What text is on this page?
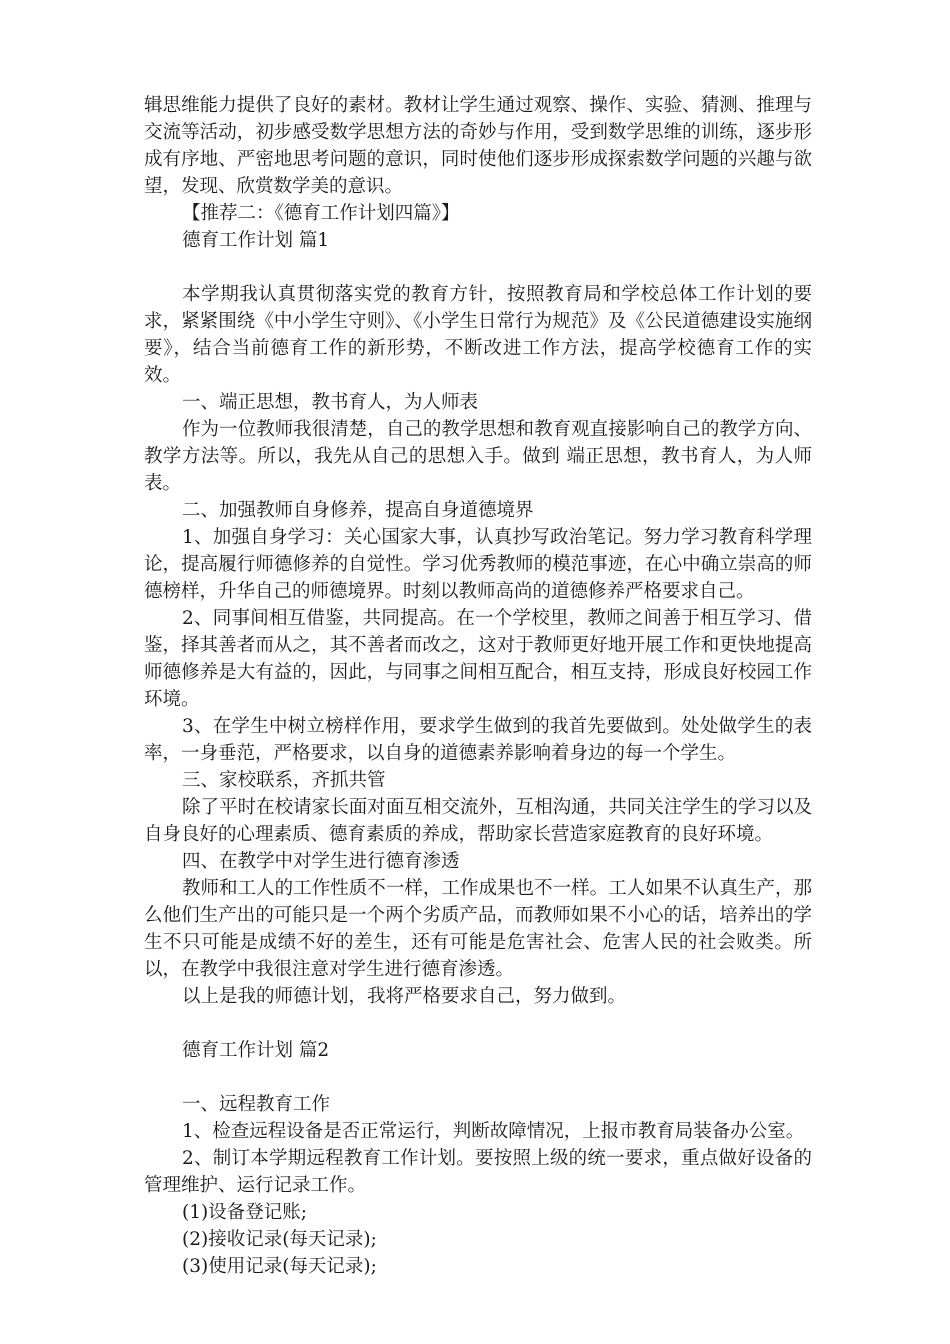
辑思维能力提供了良好的素材。教材让学生通过观察、操作、实验、猜测、推理与交流等活动，初步感受数学思想方法的奇妙与作用，受到数学思维的训练，逐步形成有序地、严密地思考问题的意识，同时使他们逐步形成探索数学问题的兴趣与欲望，发现、欣赏数学美的意识。

【推荐二：《德育工作计划四篇》】

德育工作计划 篇1

本学期我认真贯彻落实党的教育方针，按照教育局和学校总体工作计划的要求，紧紧围绕《中小学生守则》、《小学生日常行为规范》及《公民道德建设实施纲要》，结合当前德育工作的新形势，不断改进工作方法，提高学校德育工作的实效。

一、端正思想，教书育人，为人师表

作为一位教师我很清楚，自己的教学思想和教育观直接影响自己的教学方向、教学方法等。所以，我先从自己的思想入手。做到 端正思想，教书育人，为人师表。

二、加强教师自身修养，提高自身道德境界

1、加强自身学习：关心国家大事，认真抄写政治笔记。努力学习教育科学理论，提高履行师德修养的自觉性。学习优秀教师的模范事迹，在心中确立崇高的师德榜样，升华自己的师德境界。时刻以教师高尚的道德修养严格要求自己。

2、同事间相互借鉴，共同提高。在一个学校里，教师之间善于相互学习、借鉴，择其善者而从之，其不善者而改之，这对于教师更好地开展工作和更快地提高师德修养是大有益的，因此，与同事之间相互配合，相互支持，形成良好校园工作环境。

3、在学生中树立榜样作用，要求学生做到的我首先要做到。处处做学生的表率，一身垂范，严格要求，以自身的道德素养影响着身边的每一个学生。

三、家校联系，齐抓共管

除了平时在校请家长面对面互相交流外，互相沟通，共同关注学生的学习以及自身良好的心理素质、德育素质的养成，帮助家长营造家庭教育的良好环境。

四、在教学中对学生进行德育渗透

教师和工人的工作性质不一样，工作成果也不一样。工人如果不认真生产，那么他们生产出的可能只是一个两个劣质产品，而教师如果不小心的话，培养出的学生不只可能是成绩不好的差生，还有可能是危害社会、危害人民的社会败类。所以，在教学中我很注意对学生进行德育渗透。

以上是我的师德计划，我将严格要求自己，努力做到。

德育工作计划 篇2

一、远程教育工作

1、检查远程设备是否正常运行，判断故障情况，上报市教育局装备办公室。

2、制订本学期远程教育工作计划。要按照上级的统一要求，重点做好设备的管理维护、运行记录工作。

(1)设备登记账;

(2)接收记录(每天记录);

(3)使用记录(每天记录);
